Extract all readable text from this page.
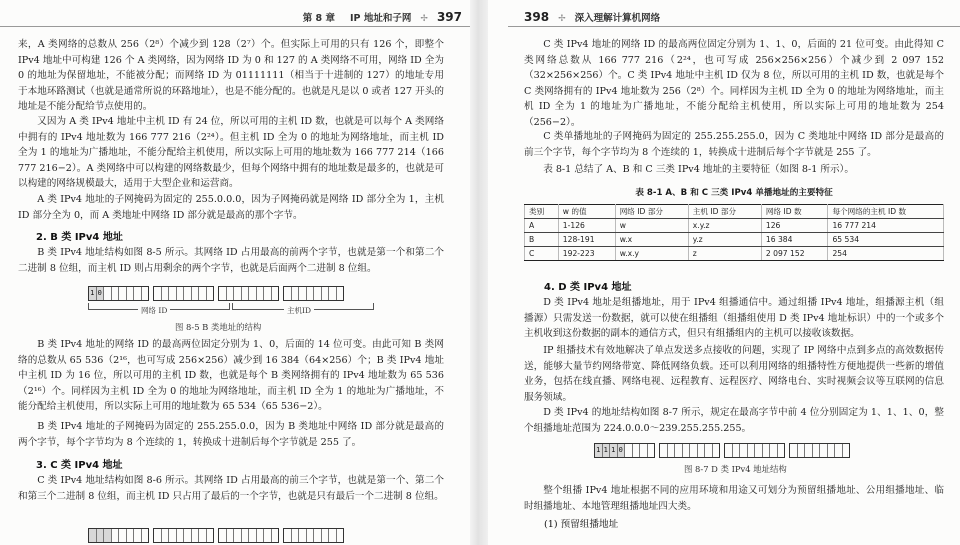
第 8 章 IP 地址和子网 ✢ 397
来，A 类网络的总数从 256（2⁸）个减少到 128（2⁷）个。但实际上可用的只有 126 个，即整个 IPv4 地址中可构建 126 个 A 类网络，因为网络 ID 为 0 和 127 的 A 类网络不可用，网络 ID 全为 0 的地址为保留地址，不能被分配；而网络 ID 为 01111111（相当于十进制的 127）的地址专用于本地环路测试（也就是通常所说的环路地址），也是不能分配的。也就是凡是以 0 或者 127 开头的地址是不能分配给节点使用的。
又因为 A 类 IPv4 地址中主机 ID 有 24 位，所以可用的主机 ID 数，也就是可以每个 A 类网络中拥有的 IPv4 地址数为 166 777 216（2²⁴）。但主机 ID 全为 0 的地址为网络地址，而主机 ID 全为 1 的地址为广播地址，不能分配给主机使用，所以实际上可用的地址数为 166 777 214（166 777 216−2）。A 类网络中可以构建的网络数最少，但每个网络中拥有的地址数是最多的，也就是可以构建的网络规模最大，适用于大型企业和运营商。
A 类 IPv4 地址的子网掩码为固定的 255.0.0.0，因为子网掩码就是网络 ID 部分全为 1，主机 ID 部分全为 0，而 A 类地址中网络 ID 部分就是最高的那个字节。
2. B 类 IPv4 地址
B 类 IPv4 地址结构如图 8-5 所示。其网络 ID 占用最高的前两个字节，也就是第一个和第二个二进制 8 位组，而主机 ID 则占用剩余的两个字节，也就是后面两个二进制 8 位组。
1 0
网络 ID	主机ID
图 8-5 B 类地址的结构
B 类 IPv4 地址的网络 ID 的最高两位固定分别为 1、0，后面的 14 位可变。由此可知 B 类网络的总数从 65 536（2¹⁶，也可写成 256×256）减少到 16 384（64×256）个；B 类 IPv4 地址中主机 ID 为 16 位，所以可用的主机 ID 数，也就是每个 B 类网络拥有的 IPv4 地址数为 65 536（2¹⁶）个。同样因为主机 ID 全为 0 的地址为网络地址，而主机 ID 全为 1 的地址为广播地址，不能分配给主机使用，所以实际上可用的地址数为 65 534（65 536−2）。
B 类 IPv4 地址的子网掩码为固定的 255.255.0.0，因为 B 类地址中网络 ID 部分就是最高的两个字节，每个字节均为 8 个连续的 1，转换成十进制后每个字节就是 255 了。
3. C 类 IPv4 地址
C 类 IPv4 地址结构如图 8-6 所示。其网络 ID 占用最高的前三个字节，也就是第一个、第二个和第三个二进制 8 位组，而主机 ID 只占用了最后的一个字节，也就是只有最后一个二进制 8 位组。
398 ✢ 深入理解计算机网络
C 类 IPv4 地址的网络 ID 的最高两位固定分别为 1、1、0，后面的 21 位可变。由此得知 C 类网络总数从 166 777 216（2²⁴，也可写成 256×256×256）个减少到 2 097 152（32×256×256）个。C 类 IPv4 地址中主机 ID 仅为 8 位，所以可用的主机 ID 数，也就是每个 C 类网络拥有的 IPv4 地址数为 256（2⁸）个。同样因为主机 ID 全为 0 的地址为网络地址，而主机 ID 全为 1 的地址为广播地址，不能分配给主机使用，所以实际上可用的地址数为 254（256−2）。
C 类单播地址的子网掩码为固定的 255.255.255.0，因为 C 类地址中网络 ID 部分是最高的前三个字节，每个字节均为 8 个连续的 1，转换成十进制后每个字节就是 255 了。
表 8-1 总结了 A、B 和 C 三类 IPv4 地址的主要特征（如图 8-1 所示）。
表 8-1 A、B 和 C 三类 IPv4 单播地址的主要特征
类别	w 的值	网络 ID 部分	主机 ID 部分	网络 ID 数	每个网络的主机 ID 数
A	1-126	w	x.y.z	126	16 777 214
B	128-191	w.x	y.z	16 384	65 534
C	192-223	w.x.y	z	2 097 152	254
4. D 类 IPv4 地址
D 类 IPv4 地址是组播地址，用于 IPv4 组播通信中。通过组播 IPv4 地址，组播源主机（组播源）只需发送一份数据，就可以使在组播组（组播组使用 D 类 IPv4 地址标识）中的一个或多个主机收到这份数据的副本的通信方式，但只有组播组内的主机可以接收该数据。
IP 组播技术有效地解决了单点发送多点接收的问题，实现了 IP 网络中点到多点的高效数据传送，能够大量节约网络带宽、降低网络负载。还可以利用网络的组播特性方便地提供一些新的增值业务，包括在线直播、网络电视、远程教育、远程医疗、网络电台、实时视频会议等互联网的信息服务领域。
D 类 IPv4 的地址结构如图 8-7 所示，规定在最高字节中前 4 位分别固定为 1、1、1、0，整个组播地址范围为 224.0.0.0～239.255.255.255。
1 1 1 0
图 8-7 D 类 IPv4 地址结构
整个组播 IPv4 地址根据不同的应用环境和用途又可划分为预留组播地址、公用组播地址、临时组播地址、本地管理组播地址四大类。
(1) 预留组播地址
